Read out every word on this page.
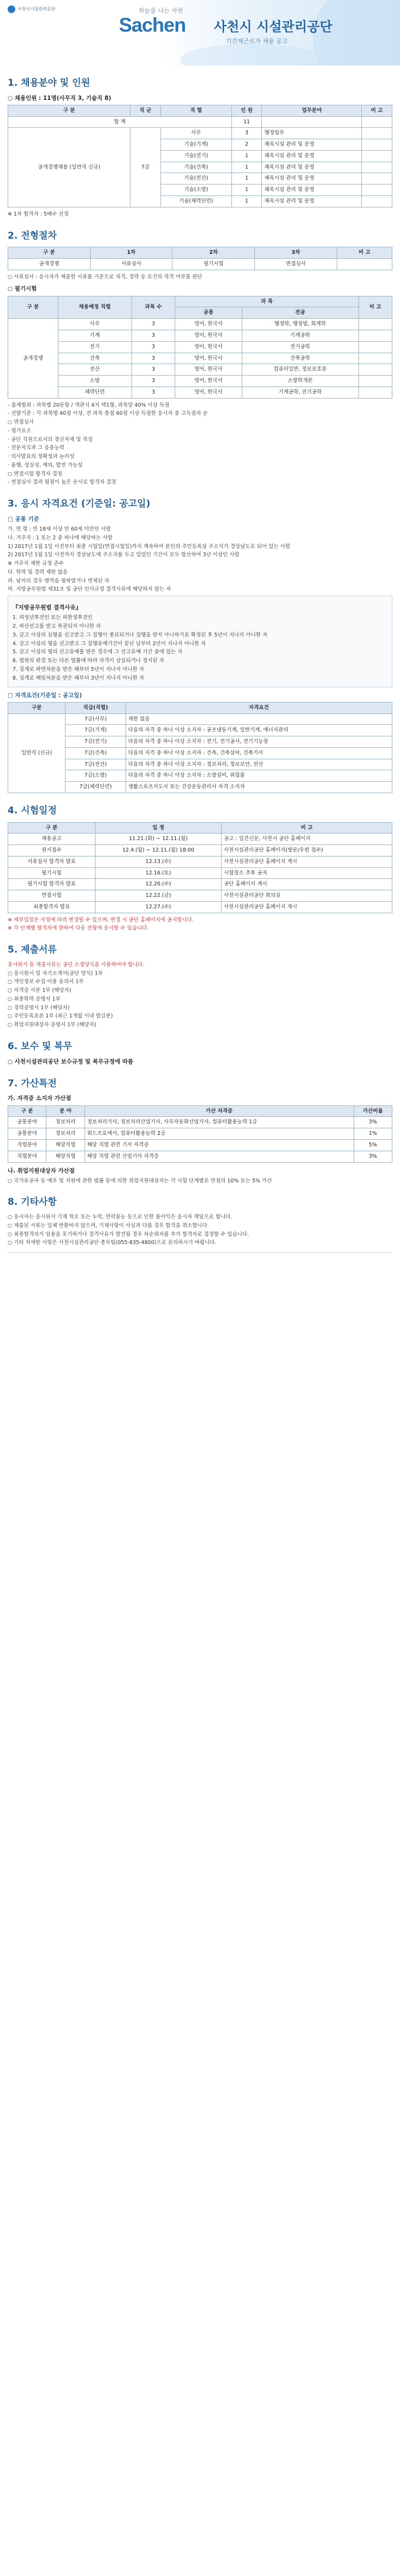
사천시시설관리공단	하늘을 나는 사천
Sachen 사천시 시설관리공단
기간제근로자 채용 공고
1. 채용분야 및 인원
○ 채용인원 : 11명(사무직 3, 기술직 8)
구 분	직 군	직 렬	인 원	업무분야	비 고
합 계			11		
공개경쟁채용 (일반직 신규)	7급	사무	3	행정업무	
		기술(기계)	2	체육시설 관리 및 운영	
		기술(전기)	1	체육시설 관리 및 운영	
		기술(건축)	1	체육시설 관리 및 운영	
		기술(전산)	1	체육시설 관리 및 운영	
		기술(소방)	1	체육시설 관리 및 운영	
		기술(체력단련)	1	체육시설 관리 및 운영	
※ 1차 합격자 : 5배수 선정
2. 전형절차
구 분	1차	2차	3차	비 고
공개경쟁	서류심사	필기시험	면접심사	
○ 서류심사 : 응시자가 제출한 서류를 기준으로 자격, 경력 등 요건의 적격 여부를 판단
○ 필기시험
구 분	채용예정 직렬	과목 수	과 목		비 고
			공통	전공	
공개경쟁	사무	3	영어, 한국사	행정학, 행정법, 회계학	
	기계	3	영어, 한국사	기계공학	
	전기	3	영어, 한국사	전기공학	
	건축	3	영어, 한국사	건축공학	
	전산	3	영어, 한국사	컴퓨터일반, 정보보호론	
	소방	3	영어, 한국사	소방학개론	
	체력단련	3	영어, 한국사	기계공학, 전기공학	
- 출제범위 : 과목별 20문항 / 객관식 4지 택1형, 과목당 40% 이상 득점
- 선발기준 : 각 과목별 40점 이상, 전 과목 총점 60점 이상 득점한 응시자 중 고득점자 순
○ 면접심사
- 평가요소
· 공단 직원으로서의 정신자세 및 적성
· 전문지식과 그 응용능력
· 의사발표의 정확성과 논리성
· 품행, 성실성, 예의, 발전 가능성
○ 면접시험 합격자 결정
- 면접심사 결과 평점이 높은 순서로 합격자 결정
3. 응시 자격요건 (기준일: 공고일)
□ 공통 기준
가. 연 령 : 만 18세 이상 만 60세 미만인 사람
나. 거주지 : 1 또는 2 중 하나에 해당하는 사람
1) 2017년 1월 1일 이전부터 최종 시험일(면접시험일)까지 계속하여 본인의 주민등록상 주소지가 경상남도로 되어 있는 사람
2) 2017년 1월 1일 이전까지 경상남도에 주소지를 두고 있었던 기간이 모두 합산하여 3년 이상인 사람
※ 거주지 제한 규정 준수
다. 학력 및 경력 제한 없음
라. 남자의 경우 병역을 필하였거나 면제된 자
마. 지방공무원법 제31조 및 공단 인사규정 결격사유에 해당하지 않는 자
『지방공무원법 결격사유』
1. 피성년후견인 또는 피한정후견인
2. 파산선고를 받고 복권되지 아니한 자
3. 금고 이상의 실형을 선고받고 그 집행이 종료되거나 집행을 받지 아니하기로 확정된 후 5년이 지나지 아니한 자
4. 금고 이상의 형을 선고받고 그 집행유예기간이 끝난 날부터 2년이 지나지 아니한 자
5. 금고 이상의 형의 선고유예를 받은 경우에 그 선고유예 기간 중에 있는 자
6. 법원의 판결 또는 다른 법률에 따라 자격이 상실되거나 정지된 자
7. 징계로 파면처분을 받은 때부터 5년이 지나지 아니한 자
8. 징계로 해임처분을 받은 때부터 3년이 지나지 아니한 자
□ 자격요건(기준일 : 공고일)
구분	직급(직렬)	자격요건
일반직 (신규)	7급(사무)	제한 없음
	7급(기계)	다음의 자격 중 하나 이상 소지자 : 공조냉동기계, 일반기계, 에너지관리
	7급(전기)	다음의 자격 중 하나 이상 소지자 : 전기, 전기공사, 전기기능장
	7급(건축)	다음의 자격 중 하나 이상 소지자 : 건축, 건축설비, 건축기사
	7급(전산)	다음의 자격 중 하나 이상 소지자 : 정보처리, 정보보안, 전산
	7급(소방)	다음의 자격 중 하나 이상 소지자 : 소방설비, 위험물
	7급(체력단련)	생활스포츠지도사 또는 건강운동관리사 자격 소지자
4. 시험일정
구 분	일 정	비 고
채용공고	11.21.(화) ~ 12.11.(월)	공고 : 일간신문, 사천시 공단 홈페이지
원서접수	12.4.(월) ~ 12.11.(월) 18:00	사천시설관리공단 홈페이지(방문/우편 접수)
서류심사 합격자 발표	12.13.(수)	사천시설관리공단 홈페이지 게시
필기시험	12.16.(토)	시험장소 추후 공지
필기시험 합격자 발표	12.20.(수)	공단 홈페이지 게시
면접시험	12.22.(금)	사천시설관리공단 회의실
최종합격자 발표	12.27.(수)	사천시설관리공단 홈페이지 게시
※ 세부일정은 사정에 따라 변경될 수 있으며, 변경 시 공단 홈페이지에 공지합니다.
※ 각 단계별 합격자에 한하여 다음 전형에 응시할 수 있습니다.
5. 제출서류
응시원서 등 제출서류는 공단 소정양식을 사용하여야 합니다.
○ 응시원서 및 자기소개서(공단 양식) 1부
○ 개인정보 수집·이용 동의서 1부
○ 자격증 사본 1부 (해당자)
○ 최종학력 증명서 1부
○ 경력증명서 1부 (해당자)
○ 주민등록초본 1부 (최근 1개월 이내 발급분)
○ 취업지원대상자 증명서 1부 (해당자)
6. 보수 및 복무
○ 사천시설관리공단 보수규정 및 복무규정에 따름
7. 가산특전
가. 자격증 소지자 가산점
구 분	분 야	가산 자격증	가산비율
공통분야	정보처리	정보처리기사, 정보처리산업기사, 사무자동화산업기사, 컴퓨터활용능력 1급	3%
공통분야	정보처리	워드프로세서, 컴퓨터활용능력 2급	1%
직렬분야	해당직렬	해당 직렬 관련 기사 자격증	5%
직렬분야	해당직렬	해당 직렬 관련 산업기사 자격증	3%
나. 취업지원대상자 가산점
○ 국가유공자 등 예우 및 지원에 관한 법률 등에 의한 취업지원대상자는 각 시험 단계별로 만점의 10% 또는 5% 가산
8. 기타사항
○ 응시자는 응시원서 기재 착오 또는 누락, 연락불능 등으로 인한 불이익은 응시자 책임으로 합니다.
○ 제출된 서류는 일체 반환하지 않으며, 기재사항이 사실과 다를 경우 합격을 취소합니다.
○ 최종합격자가 임용을 포기하거나 결격사유가 발견될 경우 차순위자를 추가 합격자로 결정할 수 있습니다.
○ 기타 자세한 사항은 사천시설관리공단 총무팀(055-835-4800)으로 문의하시기 바랍니다.
